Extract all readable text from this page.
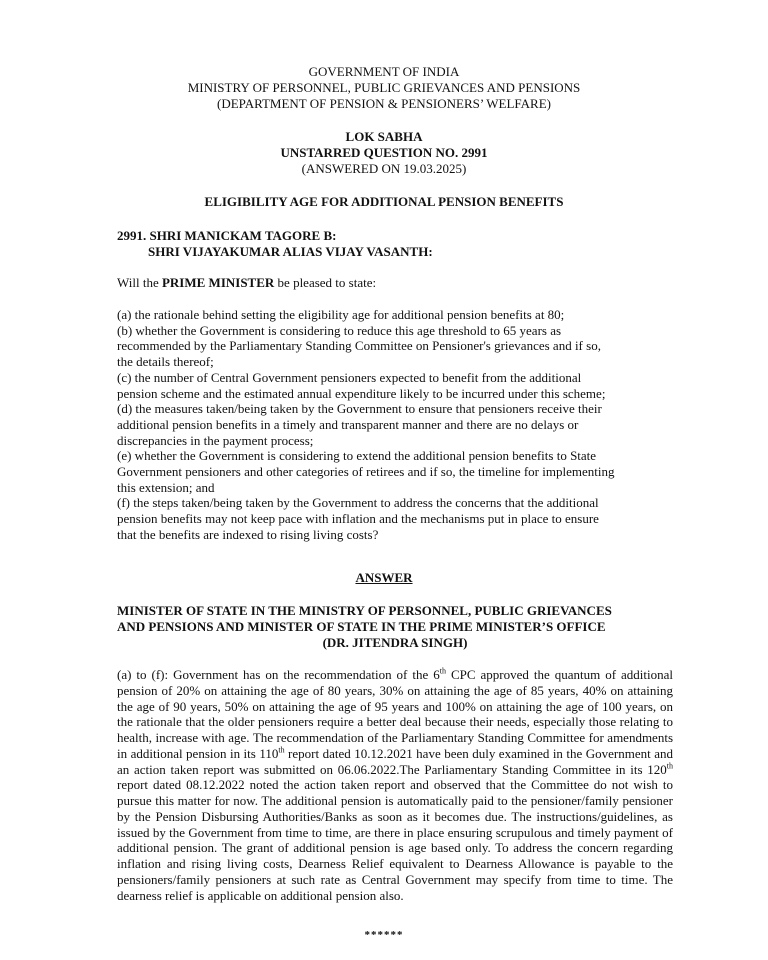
GOVERNMENT OF INDIA
MINISTRY OF PERSONNEL, PUBLIC GRIEVANCES AND PENSIONS
(DEPARTMENT OF PENSION & PENSIONERS’ WELFARE)
LOK SABHA
UNSTARRED QUESTION NO. 2991
(ANSWERED ON 19.03.2025)
ELIGIBILITY AGE FOR ADDITIONAL PENSION BENEFITS
2991. SHRI MANICKAM TAGORE B:
SHRI VIJAYAKUMAR ALIAS VIJAY VASANTH:
Will the PRIME MINISTER be pleased to state:
(a) the rationale behind setting the eligibility age for additional pension benefits at 80;
(b) whether the Government is considering to reduce this age threshold to 65 years as
recommended by the Parliamentary Standing Committee on Pensioner's grievances and if so,
the details thereof;
(c) the number of Central Government pensioners expected to benefit from the additional
pension scheme and the estimated annual expenditure likely to be incurred under this scheme;
(d) the measures taken/being taken by the Government to ensure that pensioners receive their
additional pension benefits in a timely and transparent manner and there are no delays or
discrepancies in the payment process;
(e) whether the Government is considering to extend the additional pension benefits to State
Government pensioners and other categories of retirees and if so, the timeline for implementing
this extension; and
(f) the steps taken/being taken by the Government to address the concerns that the additional
pension benefits may not keep pace with inflation and the mechanisms put in place to ensure
that the benefits are indexed to rising living costs?
ANSWER
MINISTER OF STATE IN THE MINISTRY OF PERSONNEL, PUBLIC GRIEVANCES
AND PENSIONS AND MINISTER OF STATE IN THE PRIME MINISTER’S OFFICE
(DR. JITENDRA SINGH)
(a) to (f): Government has on the recommendation of the 6th CPC approved the quantum of additional pension of 20% on attaining the age of 80 years, 30% on attaining the age of 85 years, 40% on attaining the age of 90 years, 50% on attaining the age of 95 years and 100% on attaining the age of 100 years, on the rationale that the older pensioners require a better deal because their needs, especially those relating to health, increase with age. The recommendation of the Parliamentary Standing Committee for amendments in additional pension in its 110th report dated 10.12.2021 have been duly examined in the Government and an action taken report was submitted on 06.06.2022.The Parliamentary Standing Committee in its 120th report dated 08.12.2022 noted the action taken report and observed that the Committee do not wish to pursue this matter for now. The additional pension is automatically paid to the pensioner/family pensioner by the Pension Disbursing Authorities/Banks as soon as it becomes due. The instructions/guidelines, as issued by the Government from time to time, are there in place ensuring scrupulous and timely payment of additional pension. The grant of additional pension is age based only. To address the concern regarding inflation and rising living costs, Dearness Relief equivalent to Dearness Allowance is payable to the pensioners/family pensioners at such rate as Central Government may specify from time to time. The dearness relief is applicable on additional pension also.
******
